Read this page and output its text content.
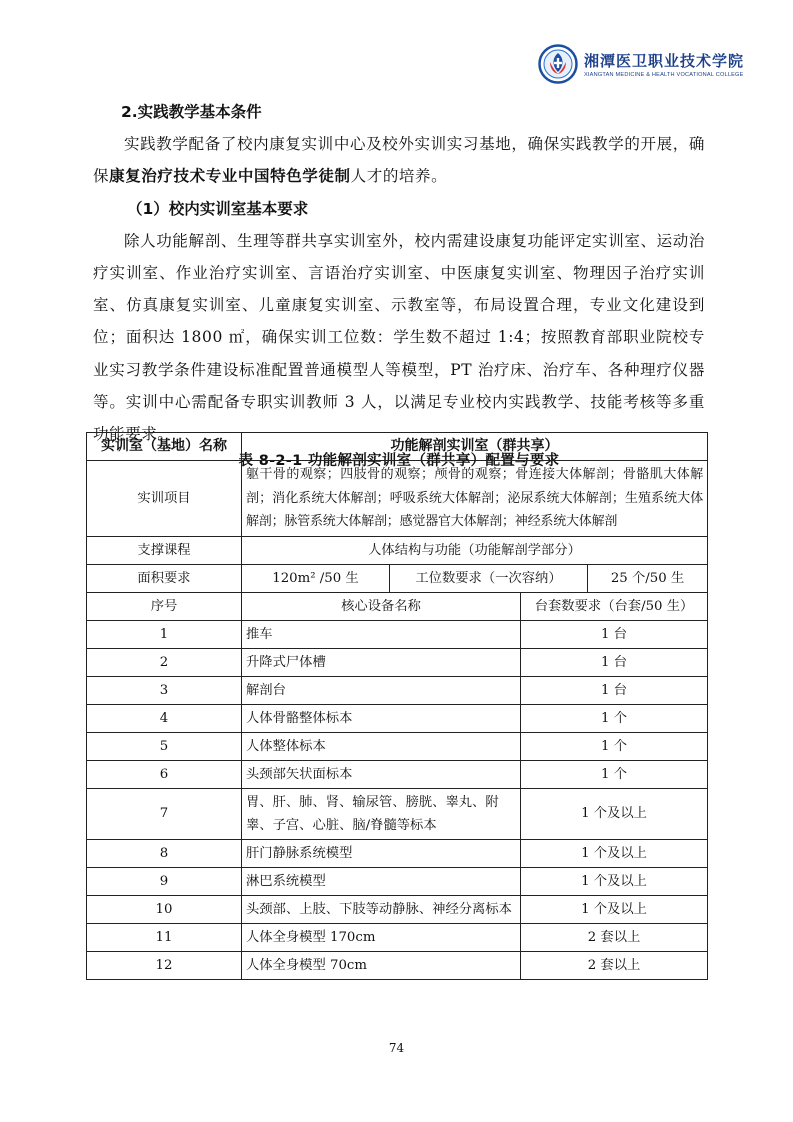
湘潭医卫职业技术学院
XIANGTAN MEDICINE & HEALTH VOCATIONAL COLLEGE
2.实践教学基本条件

实践教学配备了校内康复实训中心及校外实训实习基地，确保实践教学的开展，确保康复治疗技术专业中国特色学徒制人才的培养。

（1）校内实训室基本要求

除人功能解剖、生理等群共享实训室外，校内需建设康复功能评定实训室、运动治疗实训室、作业治疗实训室、言语治疗实训室、中医康复实训室、物理因子治疗实训室、仿真康复实训室、儿童康复实训室、示教室等，布局设置合理，专业文化建设到位；面积达 1800 ㎡，确保实训工位数：学生数不超过 1:4；按照教育部职业院校专业实习教学条件建设标准配置普通模型人等模型，PT 治疗床、治疗车、各种理疗仪器等。实训中心需配备专职实训教师 3 人，以满足专业校内实践教学、技能考核等多重功能要求。

表 8-2-1 功能解剖实训室（群共享）配置与要求
实训室（基地）名称	功能解剖实训室（群共享）			
实训项目	躯干骨的观察；四肢骨的观察；颅骨的观察；骨连接大体解剖；骨骼肌大体解剖；消化系统大体解剖；呼吸系统大体解剖；泌尿系统大体解剖；生殖系统大体解剖；脉管系统大体解剖；感觉器官大体解剖；神经系统大体解剖			
支撑课程	人体结构与功能（功能解剖学部分）			
面积要求	120m² /50 生	工位数要求（一次容纳）		25 个/50 生
序号	核心设备名称		台套数要求（台套/50 生）	
1	推车		1 台	
2	升降式尸体槽		1 台	
3	解剖台		1 台	
4	人体骨骼整体标本		1 个	
5	人体整体标本		1 个	
6	头颈部矢状面标本		1 个	
7	胃、肝、肺、肾、输尿管、膀胱、睾丸、附睾、子宫、心脏、脑/脊髓等标本		1 个及以上	
8	肝门静脉系统模型		1 个及以上	
9	淋巴系统模型		1 个及以上	
10	头颈部、上肢、下肢等动静脉、神经分离标本		1 个及以上	
11	人体全身模型 170cm		2 套以上	
12	人体全身模型 70cm		2 套以上	
74
